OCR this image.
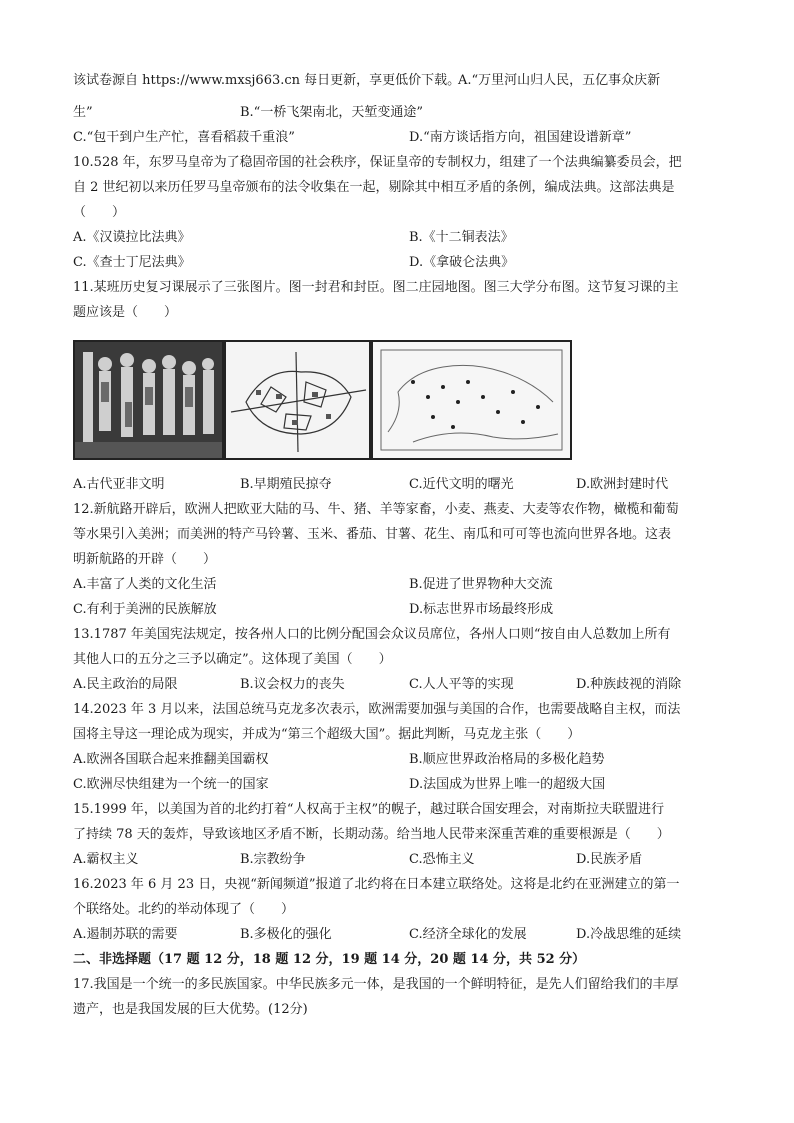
该试卷源自 https://www.mxsj663.cn 每日更新，享更低价下载。
A.“万里河山归人民，五亿事众庆新
生”	B.“一桥飞架南北，天堑变通途”
C.“包干到户生产忙，喜看稻菽千重浪”	D.“南方谈话指方向，祖国建设谱新章”
10.528 年，东罗马皇帝为了稳固帝国的社会秩序，保证皇帝的专制权力，组建了一个法典编纂委员会，把
自 2 世纪初以来历任罗马皇帝颁布的法令收集在一起，剔除其中相互矛盾的条例，编成法典。这部法典是
（　　）
A.《汉谟拉比法典》	B.《十二铜表法》
C.《查士丁尼法典》	D.《拿破仑法典》
11.某班历史复习课展示了三张图片。图一封君和封臣。图二庄园地图。图三大学分布图。这节复习课的主
题应该是（　　）
A.古代亚非文明	B.早期殖民掠夺	C.近代文明的曙光	D.欧洲封建时代
12.新航路开辟后，欧洲人把欧亚大陆的马、牛、猪、羊等家畜，小麦、燕麦、大麦等农作物，橄榄和葡萄
等水果引入美洲；而美洲的特产马铃薯、玉米、番茄、甘薯、花生、南瓜和可可等也流向世界各地。这表
明新航路的开辟（　　）
A.丰富了人类的文化生活	B.促进了世界物种大交流
C.有利于美洲的民族解放	D.标志世界市场最终形成
13.1787 年美国宪法规定，按各州人口的比例分配国会众议员席位，各州人口则“按自由人总数加上所有
其他人口的五分之三予以确定”。这体现了美国（　　）
A.民主政治的局限	B.议会权力的丧失	C.人人平等的实现	D.种族歧视的消除
14.2023 年 3 月以来，法国总统马克龙多次表示，欧洲需要加强与美国的合作，也需要战略自主权，而法
国将主导这一理论成为现实，并成为“第三个超级大国”。据此判断，马克龙主张（　　）
A.欧洲各国联合起来推翻美国霸权	B.顺应世界政治格局的多极化趋势
C.欧洲尽快组建为一个统一的国家	D.法国成为世界上唯一的超级大国
15.1999 年，以美国为首的北约打着“人权高于主权”的幌子，越过联合国安理会，对南斯拉夫联盟进行
了持续 78 天的轰炸，导致该地区矛盾不断，长期动荡。给当地人民带来深重苦难的重要根源是（　　）
A.霸权主义	B.宗教纷争	C.恐怖主义	D.民族矛盾
16.2023 年 6 月 23 日，央视“新闻频道”报道了北约将在日本建立联络处。这将是北约在亚洲建立的第一
个联络处。北约的举动体现了（　　）
A.遏制苏联的需要	B.多极化的强化	C.经济全球化的发展	D.冷战思维的延续
二、非选择题（17 题 12 分，18 题 12 分，19 题 14 分，20 题 14 分，共 52 分）
17.我国是一个统一的多民族国家。中华民族多元一体，是我国的一个鲜明特征，是先人们留给我们的丰厚
遗产，也是我国发展的巨大优势。(12分)
